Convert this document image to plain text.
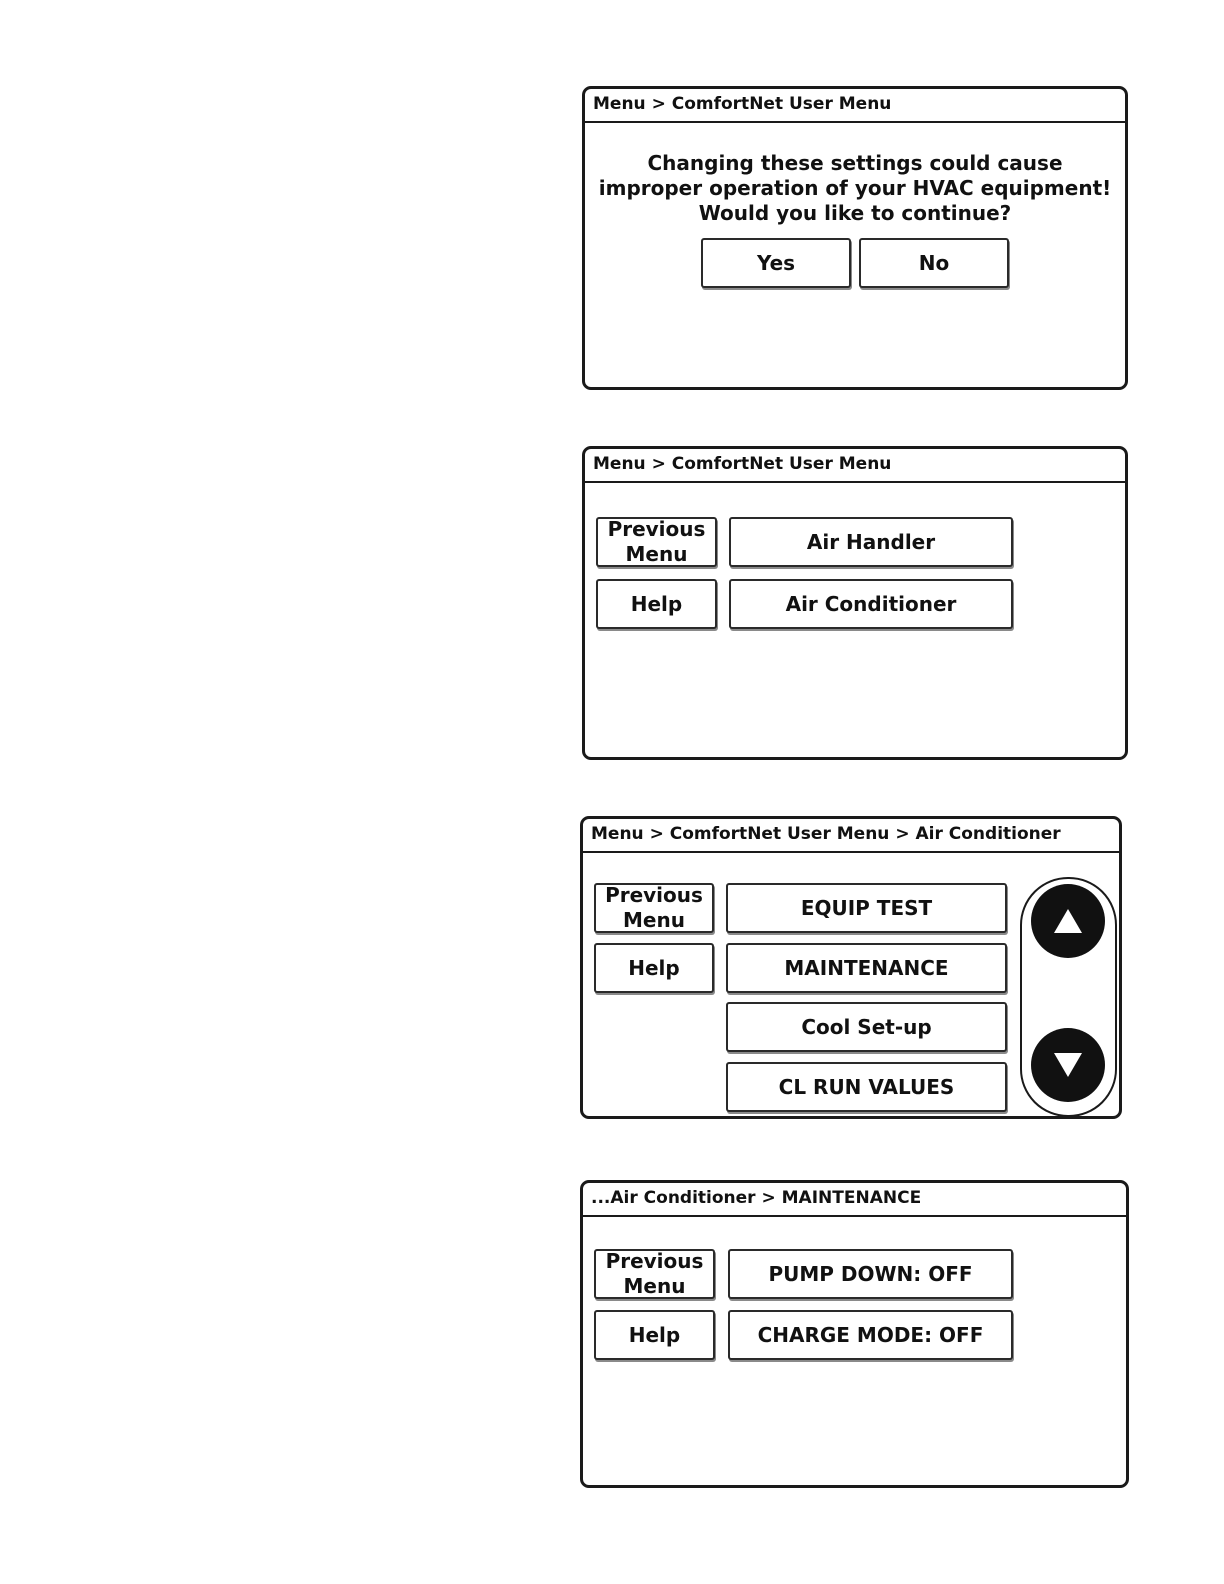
Menu > ComfortNet User Menu
Changing these settings could cause improper operation of your HVAC equipment! Would you like to continue?
Yes	No
Menu > ComfortNet User Menu
Previous
Menu
Help
Air Handler
Air Conditioner
Menu > ComfortNet User Menu > Air Conditioner
Previous
Menu
Help
EQUIP TEST
MAINTENANCE
Cool Set-up
CL RUN VALUES
...Air Conditioner > MAINTENANCE
Previous
Menu
Help
PUMP DOWN: OFF
CHARGE MODE: OFF
